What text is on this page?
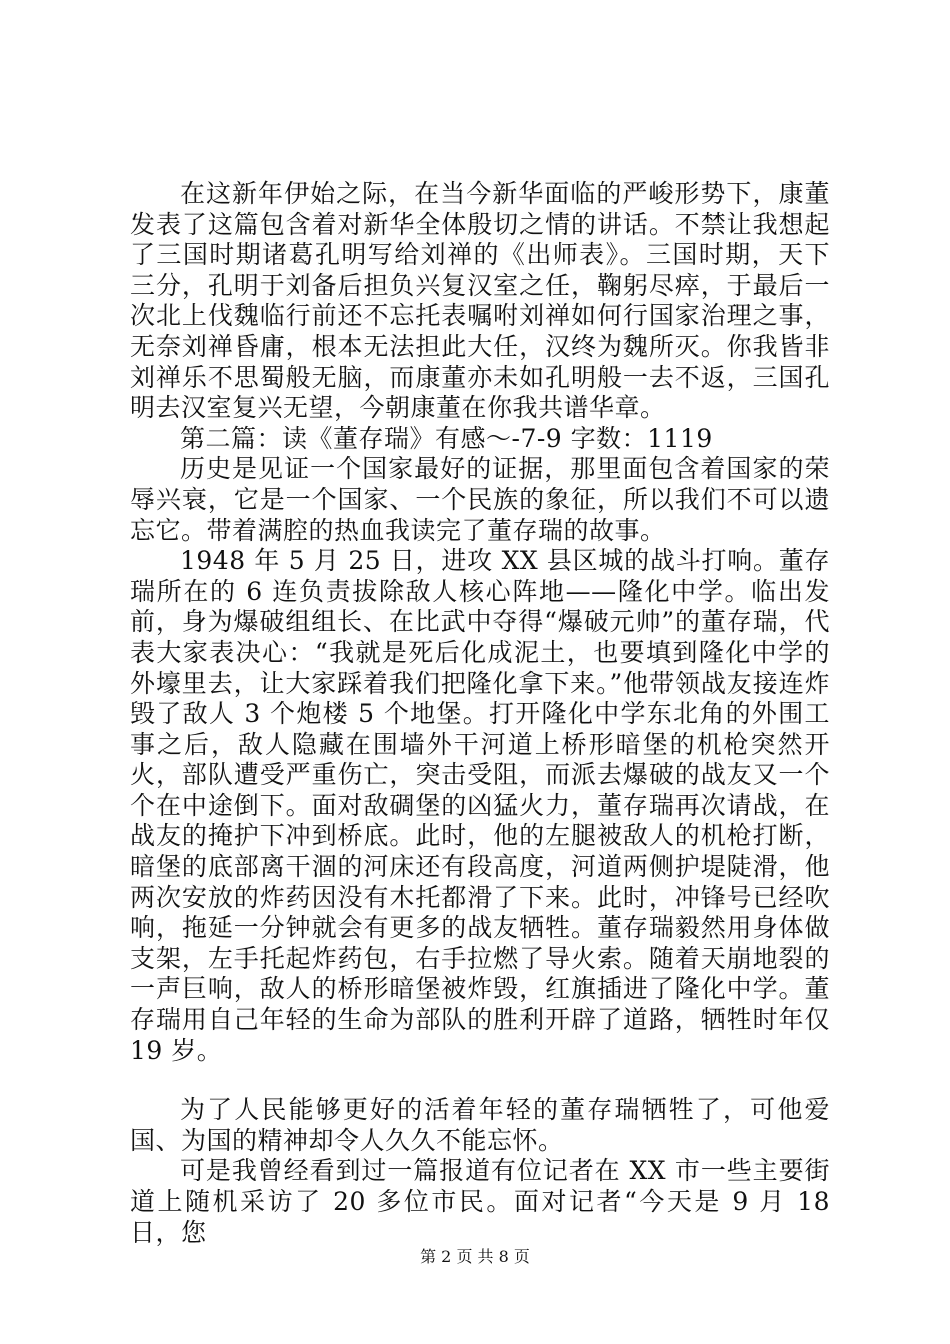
在这新年伊始之际，在当今新华面临的严峻形势下，康董发表了这篇包含着对新华全体殷切之情的讲话。不禁让我想起了三国时期诸葛孔明写给刘禅的《出师表》。三国时期，天下三分，孔明于刘备后担负兴复汉室之任，鞠躬尽瘁，于最后一次北上伐魏临行前还不忘托表嘱咐刘禅如何行国家治理之事，无奈刘禅昏庸，根本无法担此大任，汉终为魏所灭。你我皆非刘禅乐不思蜀般无脑，而康董亦未如孔明般一去不返，三国孔明去汉室复兴无望，今朝康董在你我共谱华章。

第二篇：读《董存瑞》有感～-7-9 字数：1119

历史是见证一个国家最好的证据，那里面包含着国家的荣辱兴衰，它是一个国家、一个民族的象征，所以我们不可以遗忘它。带着满腔的热血我读完了董存瑞的故事。

1948 年 5 月 25 日，进攻 XX 县区城的战斗打响。董存瑞所在的 6 连负责拔除敌人核心阵地——隆化中学。临出发前，身为爆破组组长、在比武中夺得“爆破元帅”的董存瑞，代表大家表决心：“我就是死后化成泥土，也要填到隆化中学的外壕里去，让大家踩着我们把隆化拿下来。”他带领战友接连炸毁了敌人 3 个炮楼 5 个地堡。打开隆化中学东北角的外围工事之后，敌人隐藏在围墙外干河道上桥形暗堡的机枪突然开火，部队遭受严重伤亡，突击受阻，而派去爆破的战友又一个个在中途倒下。面对敌碉堡的凶猛火力，董存瑞再次请战，在战友的掩护下冲到桥底。此时，他的左腿被敌人的机枪打断，暗堡的底部离干涸的河床还有段高度，河道两侧护堤陡滑，他两次安放的炸药因没有木托都滑了下来。此时，冲锋号已经吹响，拖延一分钟就会有更多的战友牺牲。董存瑞毅然用身体做支架，左手托起炸药包，右手拉燃了导火索。随着天崩地裂的一声巨响，敌人的桥形暗堡被炸毁，红旗插进了隆化中学。董存瑞用自己年轻的生命为部队的胜利开辟了道路，牺牲时年仅 19 岁。

为了人民能够更好的活着年轻的董存瑞牺牲了，可他爱国、为国的精神却令人久久不能忘怀。

可是我曾经看到过一篇报道有位记者在 XX 市一些主要街道上随机采访了 20 多位市民。面对记者“今天是 9 月 18 日，您

第 2 页 共 8 页
